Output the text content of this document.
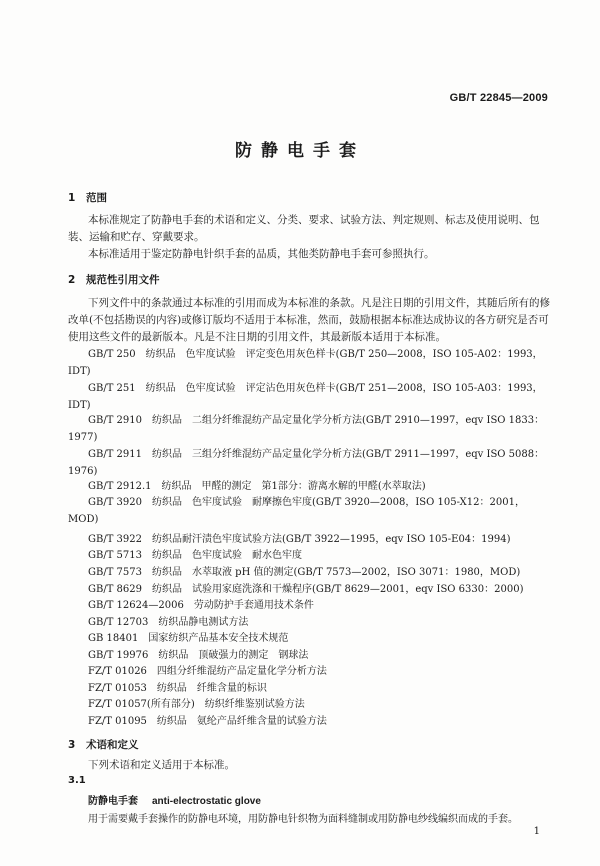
GB/T 22845—2009
防静电手套
1 范围
本标准规定了防静电手套的术语和定义、分类、要求、试验方法、判定规则、标志及使用说明、包装、运输和贮存、穿戴要求。
本标准适用于鉴定防静电针织手套的品质，其他类防静电手套可参照执行。
2 规范性引用文件
下列文件中的条款通过本标准的引用而成为本标准的条款。凡是注日期的引用文件，其随后所有的修改单(不包括勘误的内容)或修订版均不适用于本标准，然而，鼓励根据本标准达成协议的各方研究是否可使用这些文件的最新版本。凡是不注日期的引用文件，其最新版本适用于本标准。
GB/T 250　纺织品　色牢度试验　评定变色用灰色样卡(GB/T 250—2008，ISO 105-A02：1993，
IDT)
GB/T 251　纺织品　色牢度试验　评定沾色用灰色样卡(GB/T 251—2008，ISO 105-A03：1993，
IDT)
GB/T 2910　纺织品　二组分纤维混纺产品定量化学分析方法(GB/T 2910—1997，eqv ISO 1833：
1977)
GB/T 2911　纺织品　三组分纤维混纺产品定量化学分析方法(GB/T 2911—1997，eqv ISO 5088：
1976)
GB/T 2912.1　纺织品　甲醛的测定　第1部分：游离水解的甲醛(水萃取法)
GB/T 3920　纺织品　色牢度试验　耐摩擦色牢度(GB/T 3920—2008，ISO 105-X12：2001，
MOD)
GB/T 3922　纺织品耐汗渍色牢度试验方法(GB/T 3922—1995，eqv ISO 105-E04：1994)
GB/T 5713　纺织品　色牢度试验　耐水色牢度
GB/T 7573　纺织品　水萃取液 pH 值的测定(GB/T 7573—2002，ISO 3071：1980，MOD)
GB/T 8629　纺织品　试验用家庭洗涤和干燥程序(GB/T 8629—2001，eqv ISO 6330：2000)
GB/T 12624—2006　劳动防护手套通用技术条件
GB/T 12703　纺织品静电测试方法
GB 18401　国家纺织产品基本安全技术规范
GB/T 19976　纺织品　顶破强力的测定　钢球法
FZ/T 01026　四组分纤维混纺产品定量化学分析方法
FZ/T 01053　纺织品　纤维含量的标识
FZ/T 01057(所有部分)　纺织纤维鉴别试验方法
FZ/T 01095　纺织品　氨纶产品纤维含量的试验方法
3 术语和定义
下列术语和定义适用于本标准。
3.1
防静电手套 anti-electrostatic glove
用于需要戴手套操作的防静电环境，用防静电针织物为面料缝制或用防静电纱线编织而成的手套。
1
